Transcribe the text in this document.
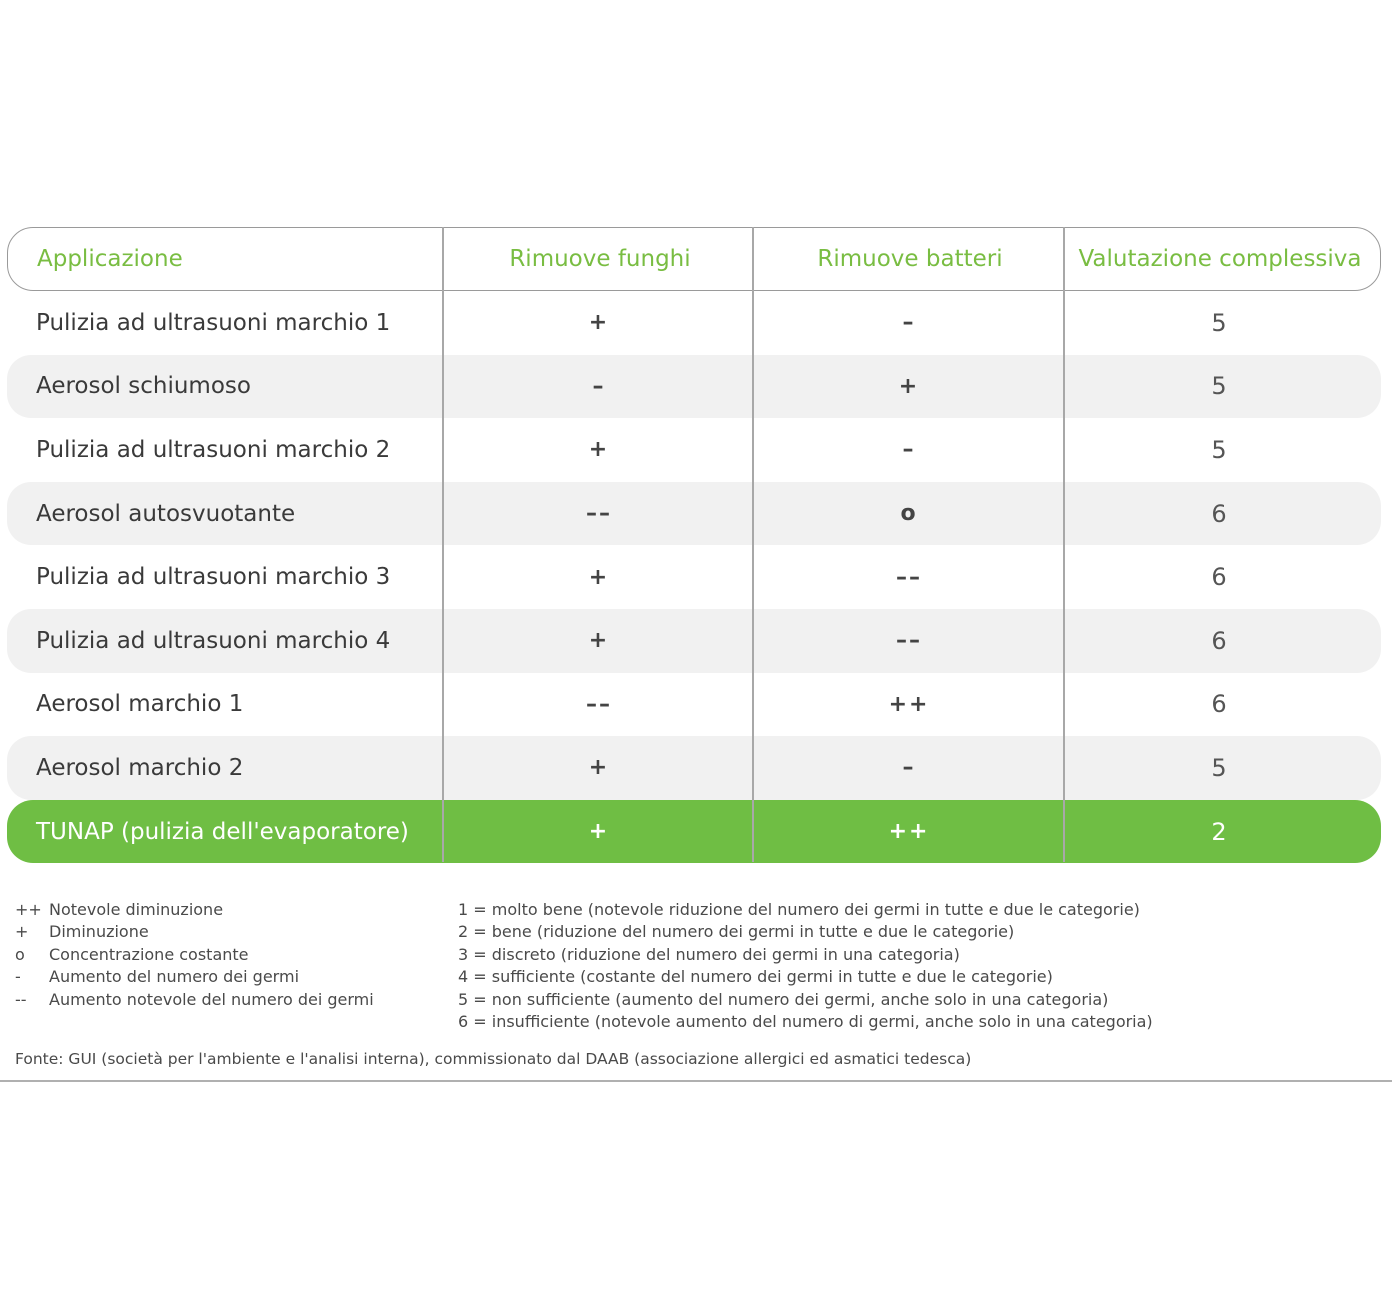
Applicazione	Rimuove funghi	Rimuove batteri	Valutazione complessiva
Pulizia ad ultrasuoni marchio 1	+	–	5
Aerosol schiumoso	–	+	5
Pulizia ad ultrasuoni marchio 2	+	–	5
Aerosol autosvuotante	––	o	6
Pulizia ad ultrasuoni marchio 3	+	––	6
Pulizia ad ultrasuoni marchio 4	+	––	6
Aerosol marchio 1	––	++	6
Aerosol marchio 2	+	–	5
TUNAP (pulizia dell'evaporatore)	+	++	2
++ Notevole diminuzione
+	Diminuzione
o	Concentrazione costante
-	Aumento del numero dei germi
--	Aumento notevole del numero dei germi
1 = molto bene (notevole riduzione del numero dei germi in tutte e due le categorie)
2 = bene (riduzione del numero dei germi in tutte e due le categorie)
3 = discreto (riduzione del numero dei germi in una categoria)
4 = sufficiente (costante del numero dei germi in tutte e due le categorie)
5 = non sufficiente (aumento del numero dei germi, anche solo in una categoria)
6 = insufficiente (notevole aumento del numero di germi, anche solo in una categoria)
Fonte: GUI (società per l'ambiente e l'analisi interna), commissionato dal DAAB (associazione allergici ed asmatici tedesca)
